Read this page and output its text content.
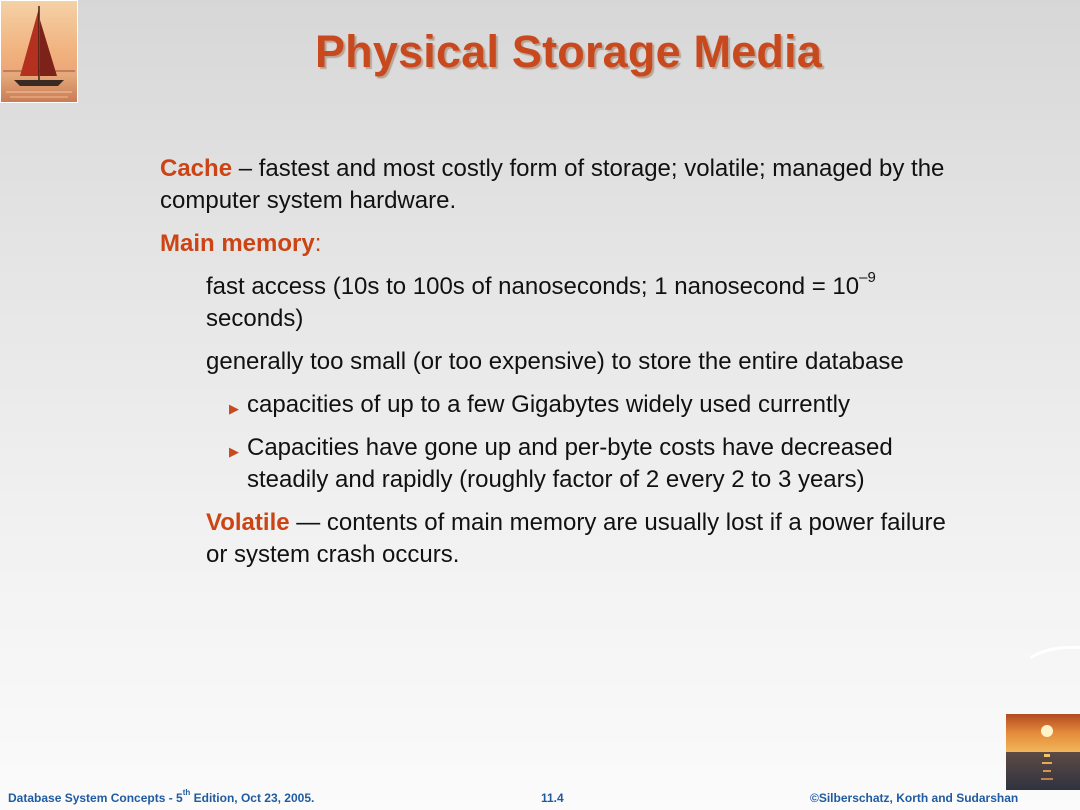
Physical Storage Media

Cache – fastest and most costly form of storage; volatile; managed by the computer system hardware.

Main memory:

fast access (10s to 100s of nanoseconds; 1 nanosecond = $10^{-9}$ seconds)

generally too small (or too expensive) to store the entire database

▶ capacities of up to a few Gigabytes widely used currently
▶ Capacities have gone up and per-byte costs have decreased steadily and rapidly (roughly factor of 2 every 2 to 3 years)

Volatile — contents of main memory are usually lost if a power failure or system crash occurs.

Database System Concepts - 5th Edition, Oct 23, 2005.	11.4	©Silberschatz, Korth and Sudarshan
